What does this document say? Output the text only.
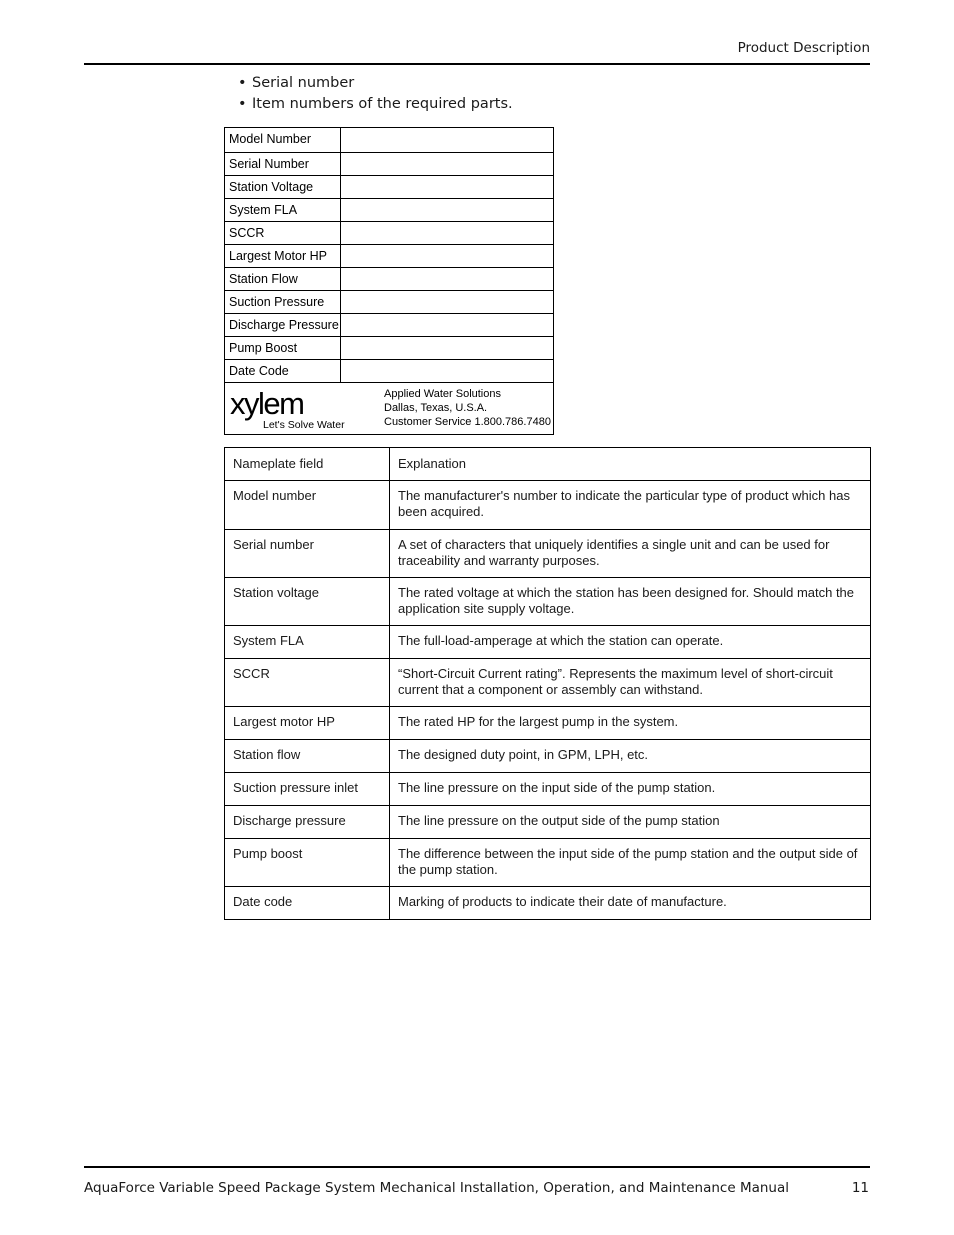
Product Description
• Serial number
• Item numbers of the required parts.
Model Number
Serial Number
Station Voltage
System FLA
SCCR
Largest Motor HP
Station Flow
Suction Pressure
Discharge Pressure
Pump Boost
Date Code
xylem
Let's Solve Water
Applied Water Solutions
Dallas, Texas, U.S.A.
Customer Service 1.800.786.7480
Nameplate field	Explanation
Model number	The manufacturer's number to indicate the particular type of product which has been acquired.
Serial number	A set of characters that uniquely identifies a single unit and can be used for traceability and warranty purposes.
Station voltage	The rated voltage at which the station has been designed for. Should match the application site supply voltage.
System FLA	The full-load-amperage at which the station can operate.
SCCR	“Short-Circuit Current rating”. Represents the maximum level of short-circuit current that a component or assembly can withstand.
Largest motor HP	The rated HP for the largest pump in the system.
Station flow	The designed duty point, in GPM, LPH, etc.
Suction pressure inlet	The line pressure on the input side of the pump station.
Discharge pressure	The line pressure on the output side of the pump station
Pump boost	The difference between the input side of the pump station and the output side of the pump station.
Date code	Marking of products to indicate their date of manufacture.
AquaForce Variable Speed Package System Mechanical Installation, Operation, and Maintenance Manual	11
